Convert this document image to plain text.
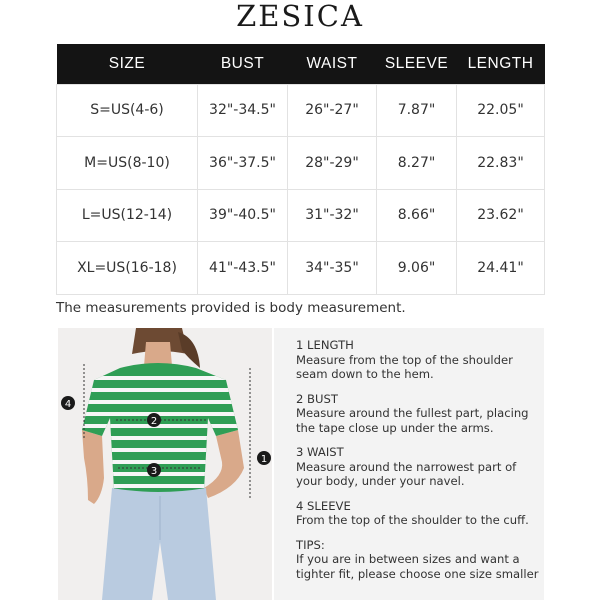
ZESICA
SIZE	BUST	WAIST	SLEEVE	LENGTH
S=US(4-6)	32"-34.5"	26"-27"	7.87"	22.05"
M=US(8-10)	36"-37.5"	28"-29"	8.27"	22.83"
L=US(12-14)	39"-40.5"	31"-32"	8.66"	23.62"
XL=US(16-18)	41"-43.5"	34"-35"	9.06"	24.41"
The measurements provided is body measurement.
4
2
3
1
1 LENGTH
Measure from the top of the shoulder seam down to the hem.
2 BUST
Measure around the fullest part, placing the tape close up under the arms.
3 WAIST
Measure around the narrowest part of your body, under your navel.
4 SLEEVE
From the top of the shoulder to the cuff.
TIPS:
If you are in between sizes and want a tighter fit, please choose one size smaller
